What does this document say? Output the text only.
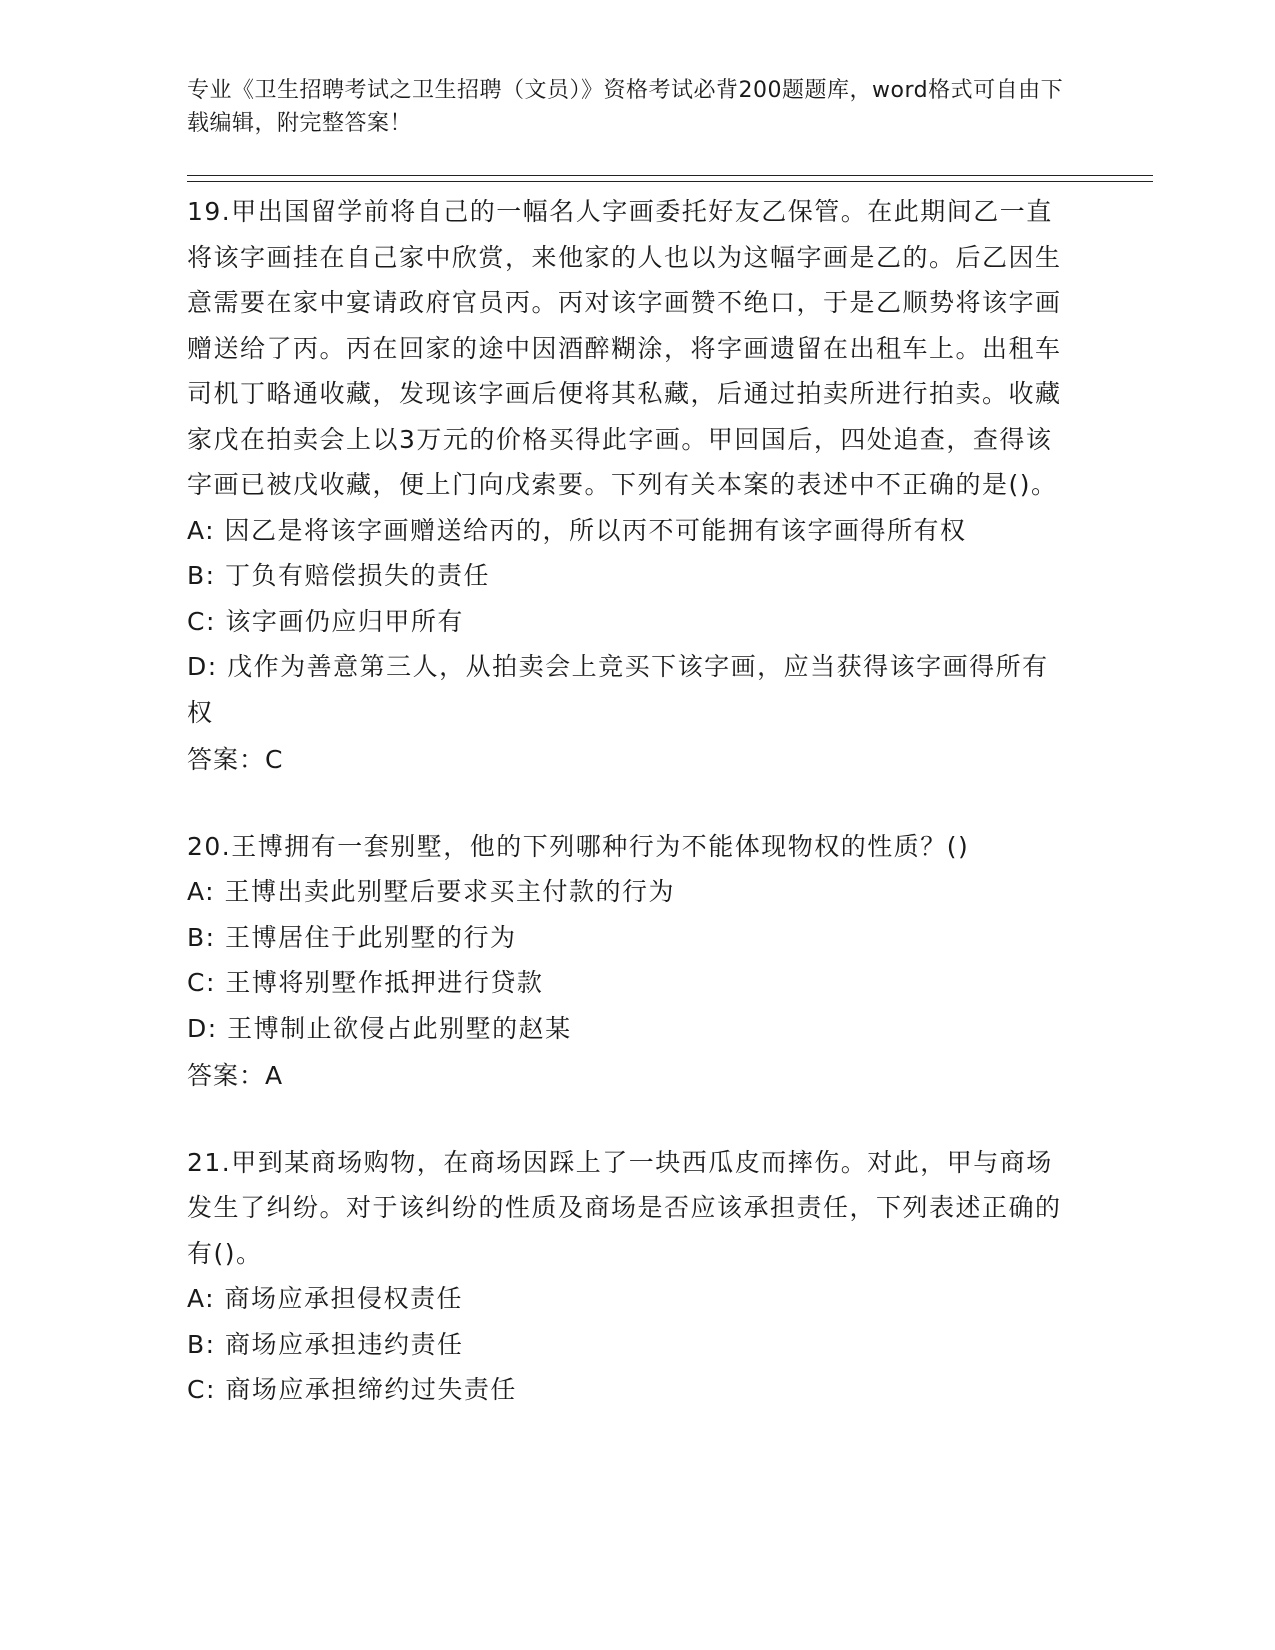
专业《卫生招聘考试之卫生招聘（文员）》资格考试必背200题题库，word格式可自由下载编辑，附完整答案！

19.甲出国留学前将自己的一幅名人字画委托好友乙保管。在此期间乙一直将该字画挂在自己家中欣赏，来他家的人也以为这幅字画是乙的。后乙因生意需要在家中宴请政府官员丙。丙对该字画赞不绝口，于是乙顺势将该字画赠送给了丙。丙在回家的途中因酒醉糊涂，将字画遗留在出租车上。出租车司机丁略通收藏，发现该字画后便将其私藏，后通过拍卖所进行拍卖。收藏家戊在拍卖会上以3万元的价格买得此字画。甲回国后，四处追查，查得该字画已被戊收藏，便上门向戊索要。下列有关本案的表述中不正确的是()。

A: 因乙是将该字画赠送给丙的，所以丙不可能拥有该字画得所有权

B: 丁负有赔偿损失的责任

C: 该字画仍应归甲所有

D: 戊作为善意第三人，从拍卖会上竞买下该字画，应当获得该字画得所有权

答案：C

20.王博拥有一套别墅，他的下列哪种行为不能体现物权的性质？()

A: 王博出卖此别墅后要求买主付款的行为

B: 王博居住于此别墅的行为

C: 王博将别墅作抵押进行贷款

D: 王博制止欲侵占此别墅的赵某

答案：A

21.甲到某商场购物，在商场因踩上了一块西瓜皮而摔伤。对此，甲与商场发生了纠纷。对于该纠纷的性质及商场是否应该承担责任，下列表述正确的有()。

A: 商场应承担侵权责任

B: 商场应承担违约责任

C: 商场应承担缔约过失责任
